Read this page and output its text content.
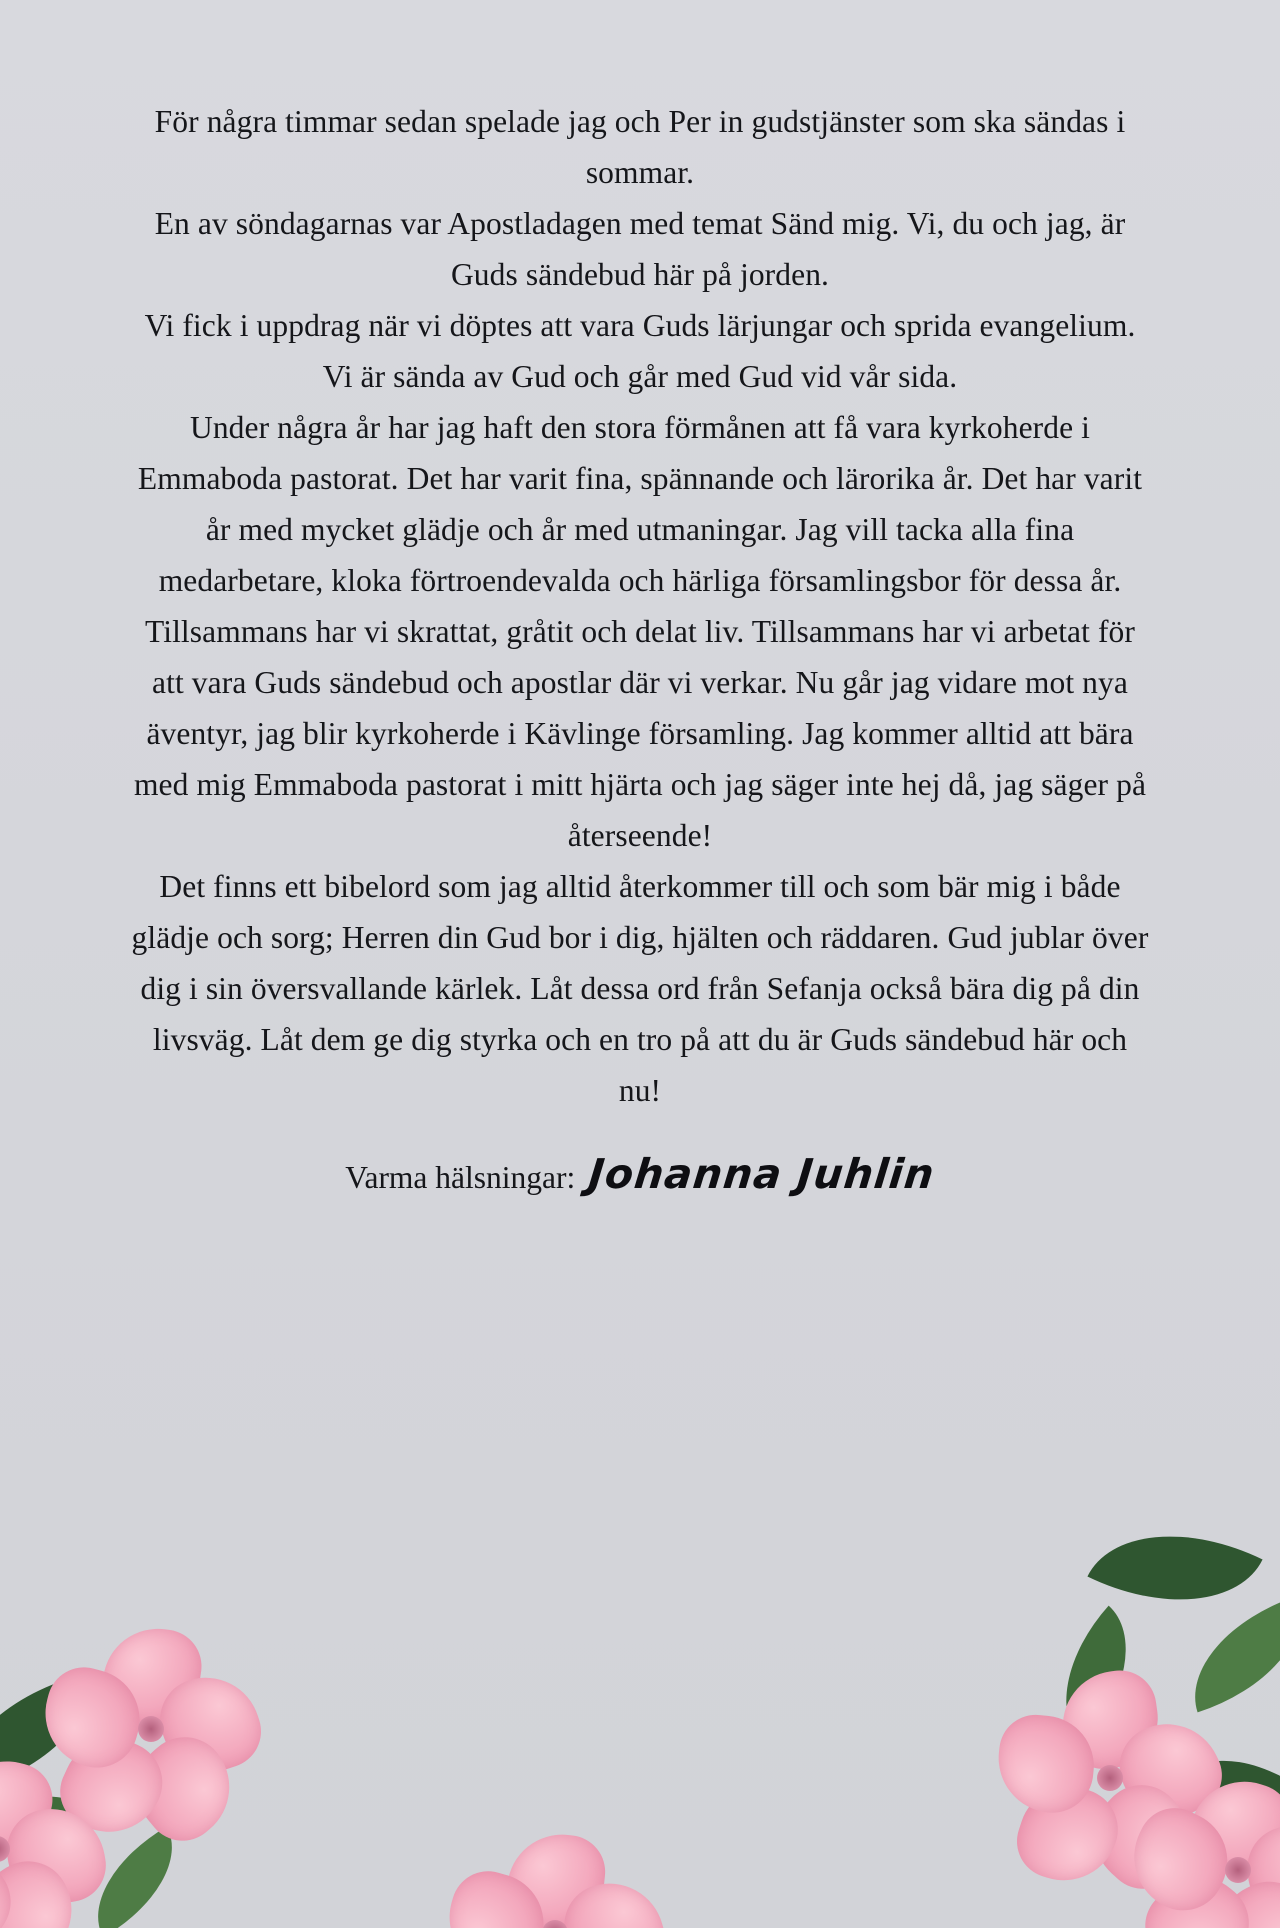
För några timmar sedan spelade jag och Per in gudstjänster som ska sändas i sommar.

En av söndagarnas var Apostladagen med temat Sänd mig. Vi, du och jag, är Guds sändebud här på jorden.

Vi fick i uppdrag när vi döptes att vara Guds lärjungar och sprida evangelium. Vi är sända av Gud och går med Gud vid vår sida.

Under några år har jag haft den stora förmånen att få vara kyrkoherde i Emmaboda pastorat. Det har varit fina, spännande och lärorika år. Det har varit år med mycket glädje och år med utmaningar. Jag vill tacka alla fina medarbetare, kloka förtroendevalda och härliga församlingsbor för dessa år. Tillsammans har vi skrattat, gråtit och delat liv. Tillsammans har vi arbetat för att vara Guds sändebud och apostlar där vi verkar. Nu går jag vidare mot nya äventyr, jag blir kyrkoherde i Kävlinge församling. Jag kommer alltid att bära med mig Emmaboda pastorat i mitt hjärta och jag säger inte hej då, jag säger på återseende!

Det finns ett bibelord som jag alltid återkommer till och som bär mig i både glädje och sorg; Herren din Gud bor i dig, hjälten och räddaren. Gud jublar över dig i sin översvallande kärlek. Låt dessa ord från Sefanja också bära dig på din livsväg. Låt dem ge dig styrka och en tro på att du är Guds sändebud här och nu!

Varma hälsningar: Johanna Juhlin
